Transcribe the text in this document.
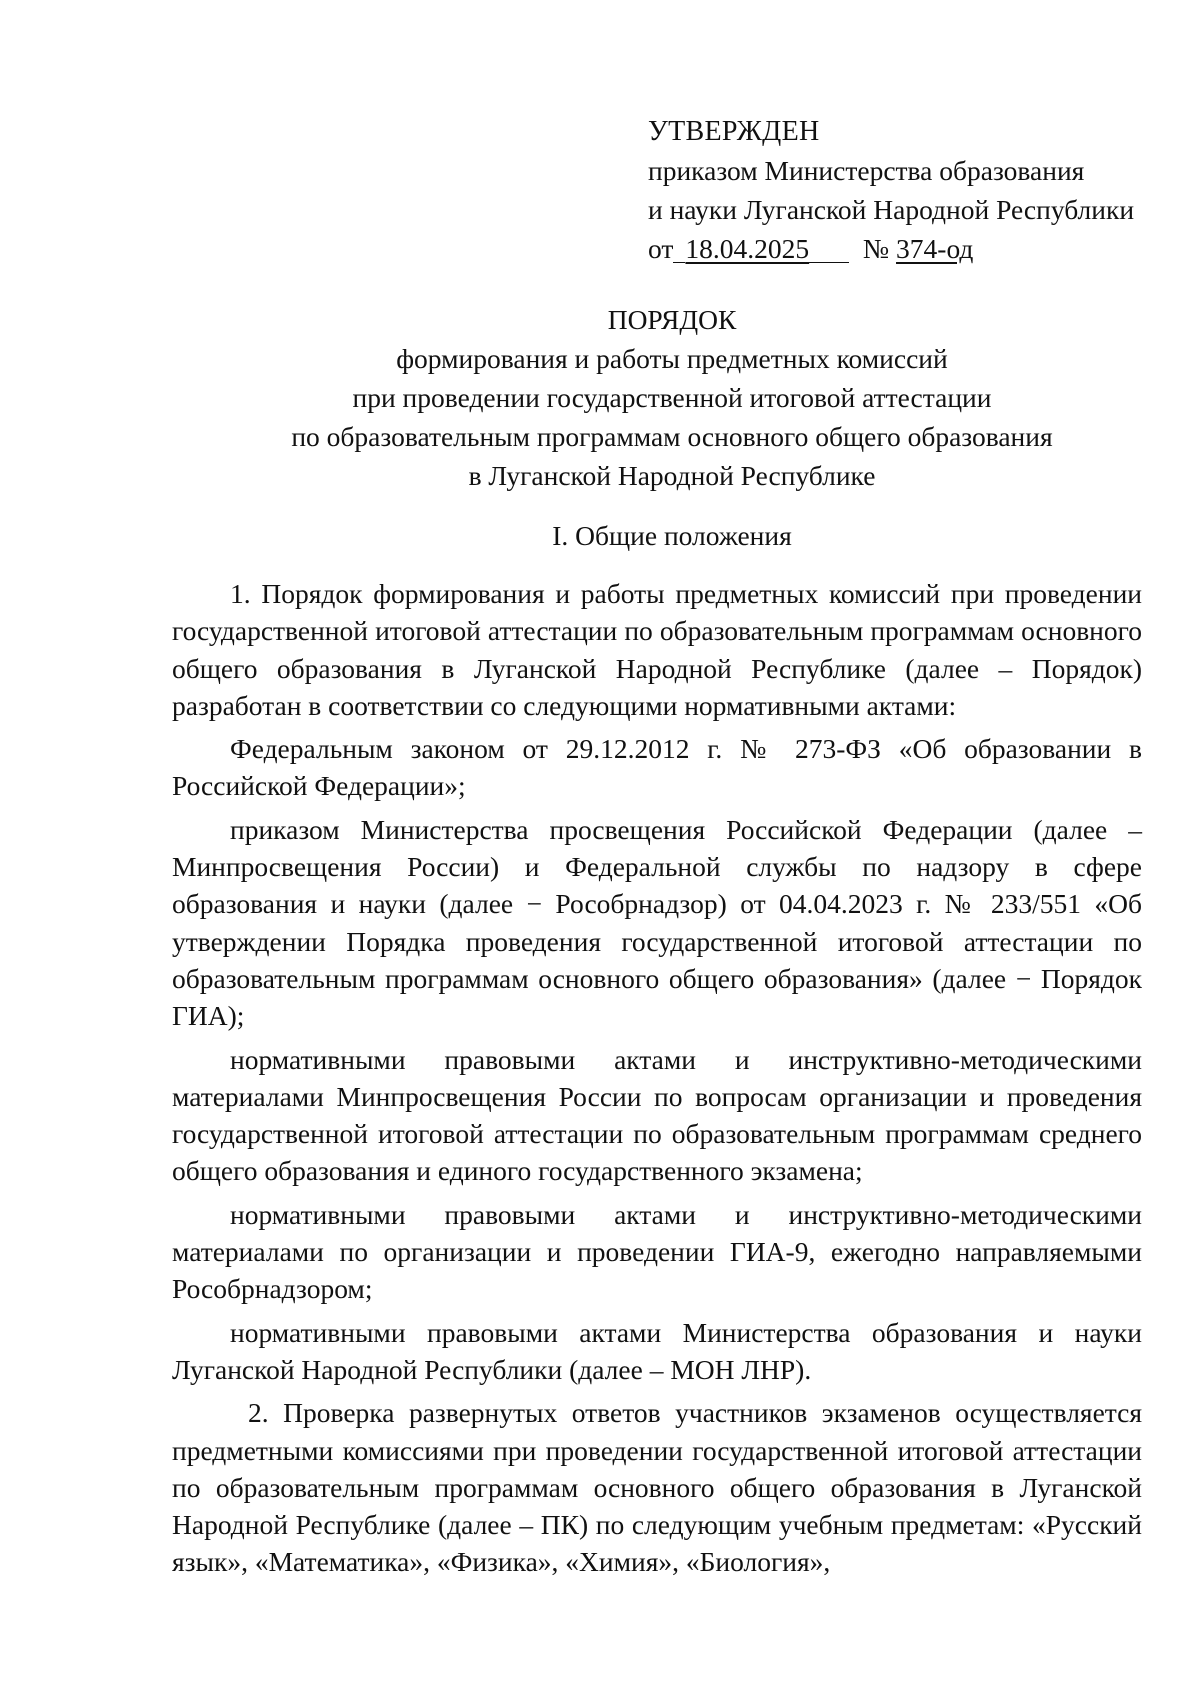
УТВЕРЖДЕН
приказом Министерства образования
и науки Луганской Народной Республики
от 18.04.2025 № 374-од
ПОРЯДОК
формирования и работы предметных комиссий
при проведении государственной итоговой аттестации
по образовательным программам основного общего образования
в Луганской Народной Республике
I. Общие положения

1. Порядок формирования и работы предметных комиссий при проведении государственной итоговой аттестации по образовательным программам основного общего образования в Луганской Народной Республике (далее – Порядок) разработан в соответствии со следующими нормативными актами:

Федеральным законом от 29.12.2012 г. № 273-ФЗ «Об образовании в Российской Федерации»;

приказом Министерства просвещения Российской Федерации (далее – Минпросвещения России) и Федеральной службы по надзору в сфере образования и науки (далее − Рособрнадзор) от 04.04.2023 г. № 233/551 «Об утверждении Порядка проведения государственной итоговой аттестации по образовательным программам основного общего образования» (далее − Порядок ГИА);

нормативными правовыми актами и инструктивно-методическими материалами Минпросвещения России по вопросам организации и проведения государственной итоговой аттестации по образовательным программам среднего общего образования и единого государственного экзамена;

нормативными правовыми актами и инструктивно-методическими материалами по организации и проведении ГИА-9, ежегодно направляемыми Рособрнадзором;

нормативными правовыми актами Министерства образования и науки Луганской Народной Республики (далее – МОН ЛНР).

2. Проверка развернутых ответов участников экзаменов осуществляется предметными комиссиями при проведении государственной итоговой аттестации по образовательным программам основного общего образования в Луганской Народной Республике (далее – ПК) по следующим учебным предметам: «Русский язык», «Математика», «Физика», «Химия», «Биология»,
